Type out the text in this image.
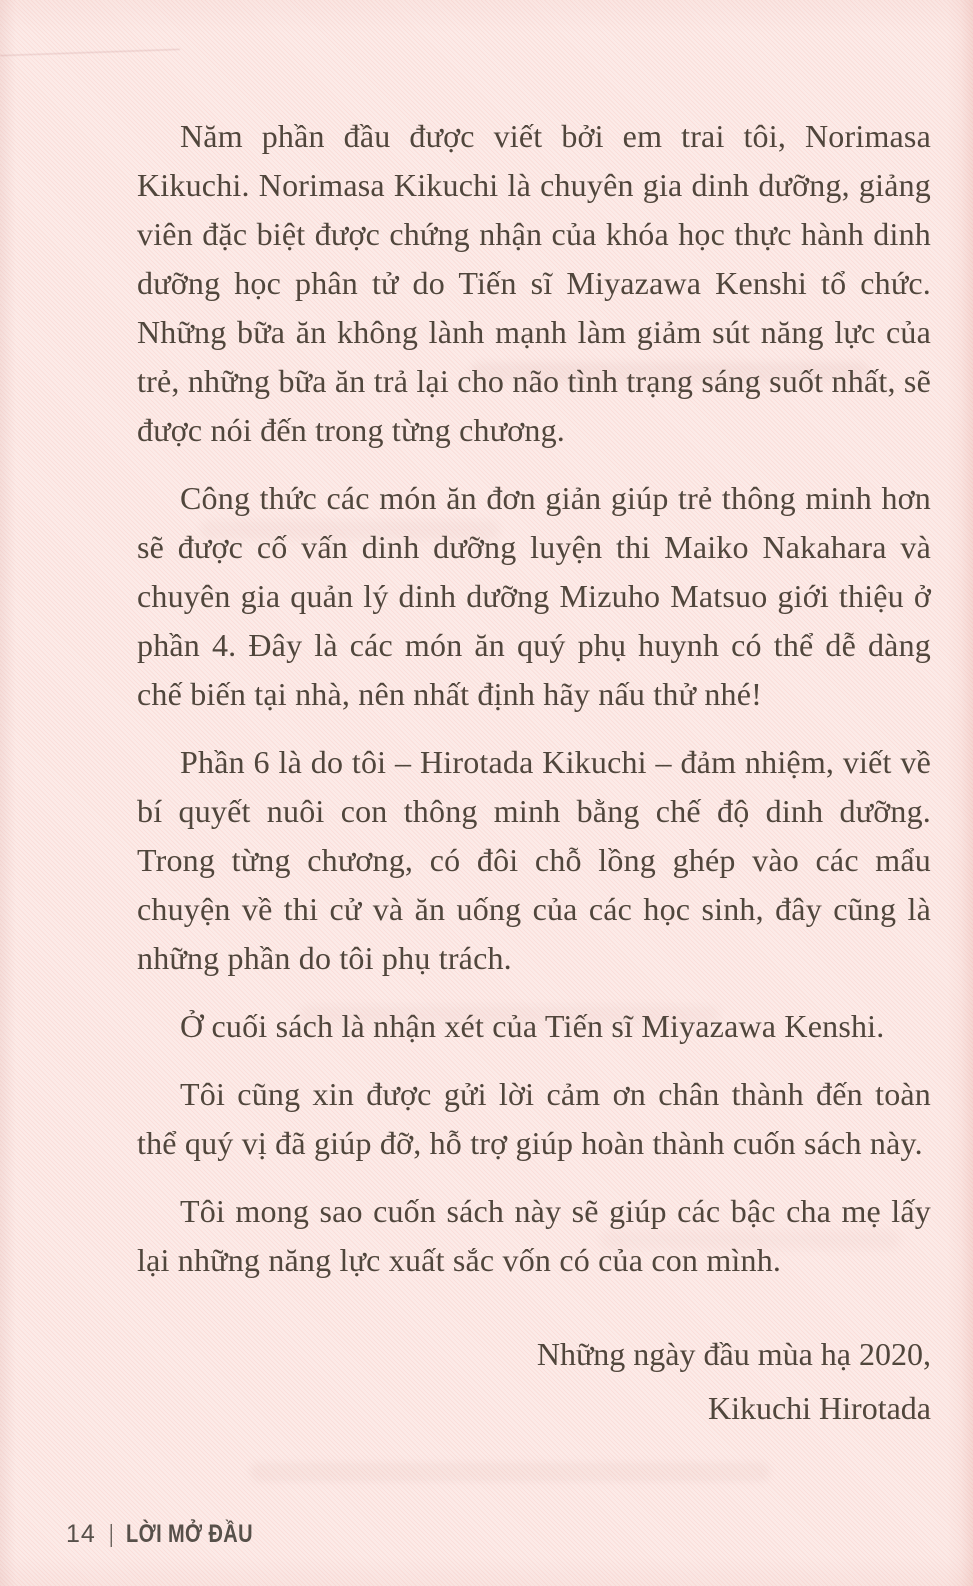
Năm phần đầu được viết bởi em trai tôi, Norimasa Kikuchi. Norimasa Kikuchi là chuyên gia dinh dưỡng, giảng viên đặc biệt được chứng nhận của khóa học thực hành dinh dưỡng học phân tử do Tiến sĩ Miyazawa Kenshi tổ chức. Những bữa ăn không lành mạnh làm giảm sút năng lực của trẻ, những bữa ăn trả lại cho não tình trạng sáng suốt nhất, sẽ được nói đến trong từng chương.

Công thức các món ăn đơn giản giúp trẻ thông minh hơn sẽ được cố vấn dinh dưỡng luyện thi Maiko Nakahara và chuyên gia quản lý dinh dưỡng Mizuho Matsuo giới thiệu ở phần 4. Đây là các món ăn quý phụ huynh có thể dễ dàng chế biến tại nhà, nên nhất định hãy nấu thử nhé!

Phần 6 là do tôi – Hirotada Kikuchi – đảm nhiệm, viết về bí quyết nuôi con thông minh bằng chế độ dinh dưỡng. Trong từng chương, có đôi chỗ lồng ghép vào các mẩu chuyện về thi cử và ăn uống của các học sinh, đây cũng là những phần do tôi phụ trách.

Ở cuối sách là nhận xét của Tiến sĩ Miyazawa Kenshi.

Tôi cũng xin được gửi lời cảm ơn chân thành đến toàn thể quý vị đã giúp đỡ, hỗ trợ giúp hoàn thành cuốn sách này.

Tôi mong sao cuốn sách này sẽ giúp các bậc cha mẹ lấy lại những năng lực xuất sắc vốn có của con mình.

Những ngày đầu mùa hạ 2020,
Kikuchi Hirotada
14 | LỜI MỞ ĐẦU
